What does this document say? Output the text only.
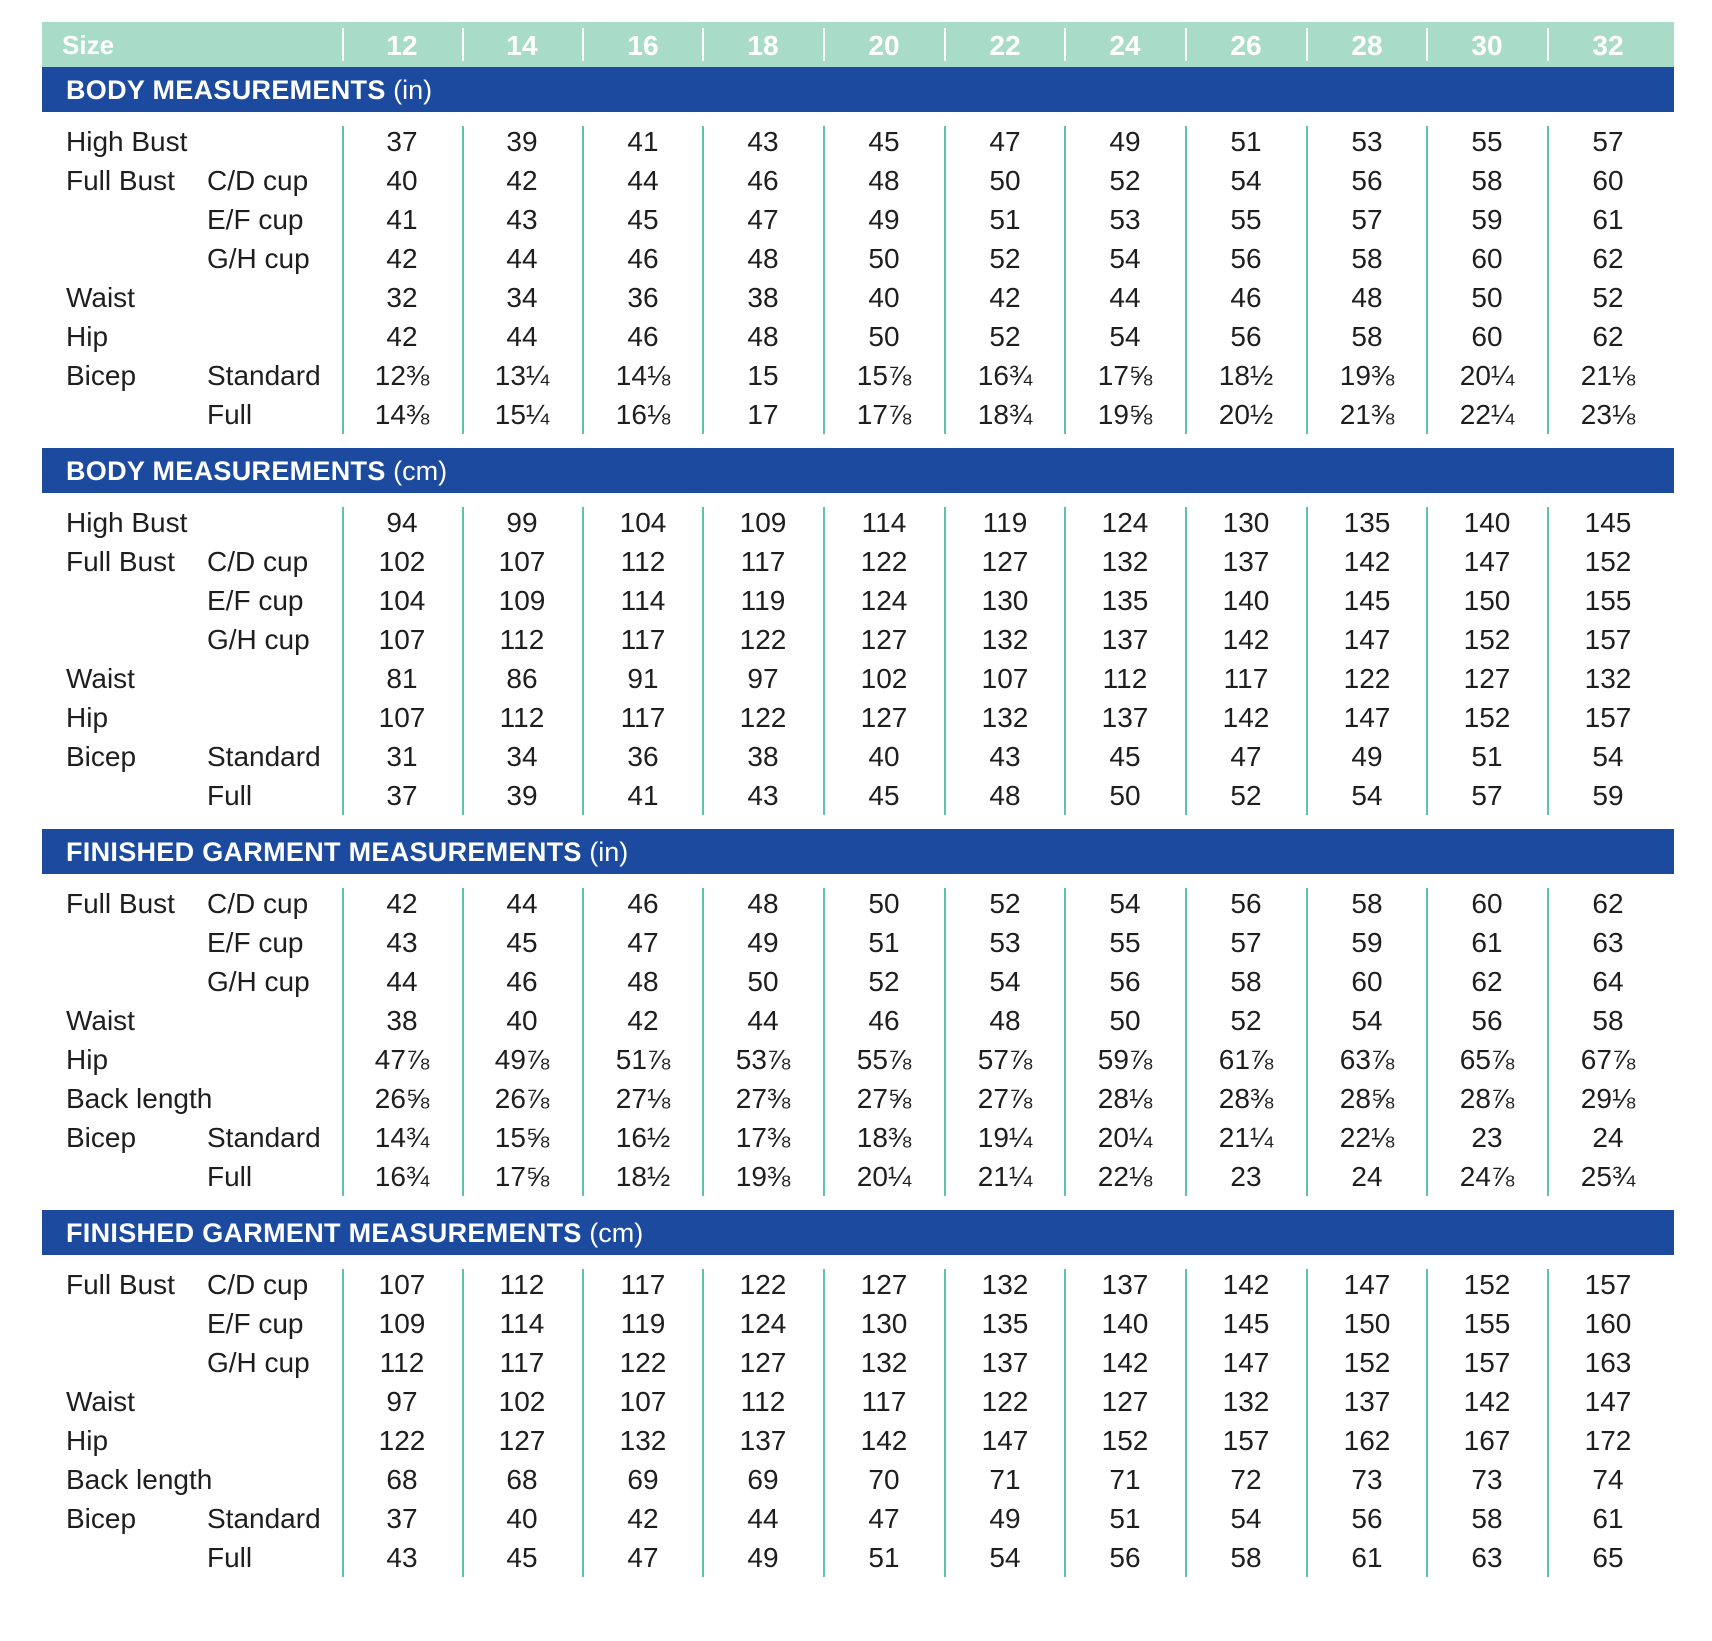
Size	12	14	16	18	20	22	24	26	28	30	32
BODY MEASUREMENTS (in)
High Bust	37	39	41	43	45	47	49	51	53	55	57
Full Bust C/D cup	40	42	44	46	48	50	52	54	56	58	60
E/F cup	41	43	45	47	49	51	53	55	57	59	61
G/H cup	42	44	46	48	50	52	54	56	58	60	62
Waist	32	34	36	38	40	42	44	46	48	50	52
Hip	42	44	46	48	50	52	54	56	58	60	62
Bicep	Standard	12⅜	13¼	14⅛	15	15⅞	16¾	17⅝	18½	19⅜	20¼	21⅛
Full	14⅜	15¼	16⅛	17	17⅞	18¾	19⅝	20½	21⅜	22¼	23⅛
BODY MEASUREMENTS (cm)
High Bust	94	99	104	109	114	119	124	130	135	140	145
Full Bust C/D cup	102	107	112	117	122	127	132	137	142	147	152
E/F cup	104	109	114	119	124	130	135	140	145	150	155
G/H cup	107	112	117	122	127	132	137	142	147	152	157
Waist	81	86	91	97	102	107	112	117	122	127	132
Hip	107	112	117	122	127	132	137	142	147	152	157
Bicep	Standard	31	34	36	38	40	43	45	47	49	51	54
Full	37	39	41	43	45	48	50	52	54	57	59
FINISHED GARMENT MEASUREMENTS (in)
Full Bust C/D cup	42	44	46	48	50	52	54	56	58	60	62
E/F cup	43	45	47	49	51	53	55	57	59	61	63
G/H cup	44	46	48	50	52	54	56	58	60	62	64
Waist	38	40	42	44	46	48	50	52	54	56	58
Hip	47⅞	49⅞	51⅞	53⅞	55⅞	57⅞	59⅞	61⅞	63⅞	65⅞	67⅞
Back length	26⅝	26⅞	27⅛	27⅜	27⅝	27⅞	28⅛	28⅜	28⅝	28⅞	29⅛
Bicep	Standard	14¾	15⅝	16½	17⅜	18⅜	19¼	20¼	21¼	22⅛	23	24
Full	16¾	17⅝	18½	19⅜	20¼	21¼	22⅛	23	24	24⅞	25¾
FINISHED GARMENT MEASUREMENTS (cm)
Full Bust C/D cup	107	112	117	122	127	132	137	142	147	152	157
E/F cup	109	114	119	124	130	135	140	145	150	155	160
G/H cup	112	117	122	127	132	137	142	147	152	157	163
Waist	97	102	107	112	117	122	127	132	137	142	147
Hip	122	127	132	137	142	147	152	157	162	167	172
Back length	68	68	69	69	70	71	71	72	73	73	74
Bicep	Standard	37	40	42	44	47	49	51	54	56	58	61
Full	43	45	47	49	51	54	56	58	61	63	65
